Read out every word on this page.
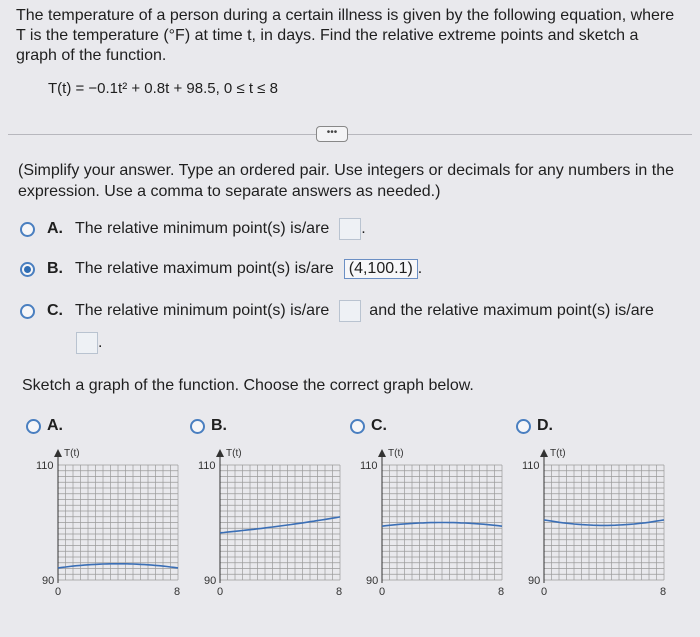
The temperature of a person during a certain illness is given by the following equation, where T is the temperature (°F) at time t, in days. Find the relative extreme points and sketch a graph of the function.
T(t) = −0.1t² + 0.8t + 98.5, 0 ≤ t ≤ 8
•••
(Simplify your answer. Type an ordered pair. Use integers or decimals for any numbers in the expression. Use a comma to separate answers as needed.)
A. The relative minimum point(s) is/are .
B. The relative maximum point(s) is/are (4,100.1) .
C. The relative minimum point(s) is/are	and the relative maximum point(s) is/are
.
Sketch a graph of the function. Choose the correct graph below.
A.	B.	C.	D.
T(t)
110
90
0	8
T(t)
110
90
0	8
T(t)
110
90
0	8
T(t)
110
90
0	8
